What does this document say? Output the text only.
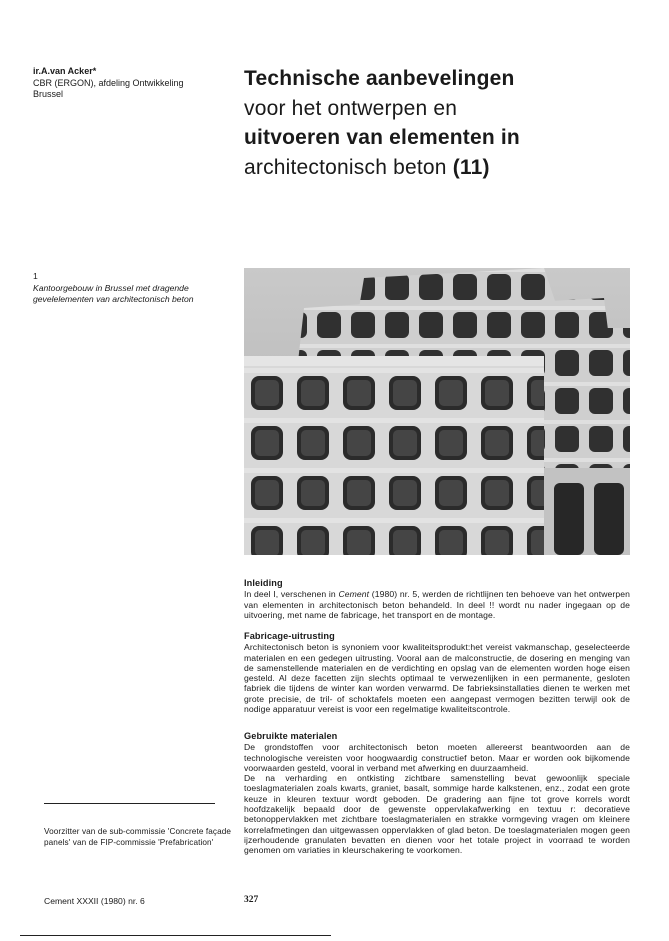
ir.A.van Acker*
CBR (ERGON), afdeling Ontwikkeling
Brussel
1
Kantoorgebouw in Brussel met dragende gevelelementen van architectonisch beton
Voorzitter van de sub-commissie 'Concrete façade panels' van de FIP-commissie 'Prefabrication'
Cement XXXII (1980) nr. 6	327
Technische aanbevelingen
voor het ontwerpen en
uitvoeren van elementen in
architectonisch beton (11)
Inleiding

In deel I, verschenen in Cement (1980) nr. 5, werden de richtlijnen ten behoeve van het ontwerpen van elementen in architectonisch beton behandeld. In deel !! wordt nu nader ingegaan op de uitvoering, met name de fabricage, het transport en de montage.

Fabricage-uitrusting

Architectonisch beton is synoniem voor kwaliteitsprodukt:het vereist vakmanschap, geselecteerde materialen en een gedegen uitrusting. Vooral aan de malconstructie, de dosering en menging van de samenstellende materialen en de verdichting en opslag van de elementen worden hoge eisen gesteld. Al deze facetten zijn slechts optimaal te verwezenlijken in een permanente, gesloten fabriek die tijdens de winter kan worden verwarmd. De fabrieksinstallaties dienen te werken met grote precisie, de tril- of schoktafels moeten een aangepast vermogen bezitten terwijl ook de nodige apparatuur vereist is voor een regelmatige kwaliteitscontrole.

Gebruikte materialen

De grondstoffen voor architectonisch beton moeten allereerst beantwoorden aan de technologische vereisten voor hoogwaardig constructief beton. Maar er worden ook bijkomende voorwaarden gesteld, vooral in verband met afwerking en duurzaamheid.

De na verharding en ontkisting zichtbare samenstelling bevat gewoonlijk speciale toeslagmaterialen zoals kwarts, graniet, basalt, sommige harde kalkstenen, enz., zodat een grote keuze in kleuren textuur wordt geboden. De gradering aan fijne tot grove korrels wordt hoofdzakelijk bepaald door de gewenste oppervlakafwerking en textuu r: decoratieve betonoppervlakken met zichtbare toeslagmaterialen en strakke vormgeving vragen om kleinere korrelafmetingen dan uitgewassen oppervlakken of glad beton. De toeslagmaterialen mogen geen ijzerhoudende granulaten bevatten en dienen voor het totale project in voorraad te worden genomen om variaties in kleurschakering te voorkomen.
